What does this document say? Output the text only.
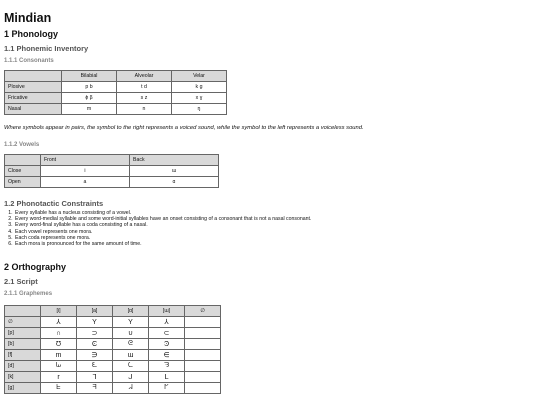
Mindian
1 Phonology
1.1 Phonemic Inventory
1.1.1 Consonants
	Bilabial	Alveolar	Velar
Plosive	p b	t d	k g
Fricative	ɸ β	s z	x ɣ
Nasal	m	n	ŋ
Where symbols appear in pairs, the symbol to the right represents a voiced sound, while the symbol to the left represents a voiceless sound.
1.1.2 Vowels
	Front	Back
Close	i	ɯ
Open	a	ɑ
1.2 Phonotactic Constraints
1. Every syllable has a nucleus consisting of a vowel.
2. Every word-medial syllable and some word-initial syllables have an onset consisting of a consonant that is not a nasal consonant.
3. Every word-final syllable has a coda consisting of a nasal.
4. Each vowel represents one mora.
5. Each coda represents one mora.
6. Each mora is pronounced for the same amount of time.
2 Orthography
2.1 Script
2.1.1 Graphemes
	[i]	[a]	[ɑ]	[ɯ]	∅
∅	⅄	Y	Y	⅄	
[p]	∩	⊃	∪	⊂	
[b]	Ʊ	Ͼ	ᘓ	Ͽ	
[f]	m	∋	ɯ	∈	
[d]	ᘈ	ᘍ	ᘇ	ᘌ	
[k]	r	ᒣ	ᒍ	ᒪ	
[g]	ᖶ	ᖷ	ᖹ	ᖸ	
